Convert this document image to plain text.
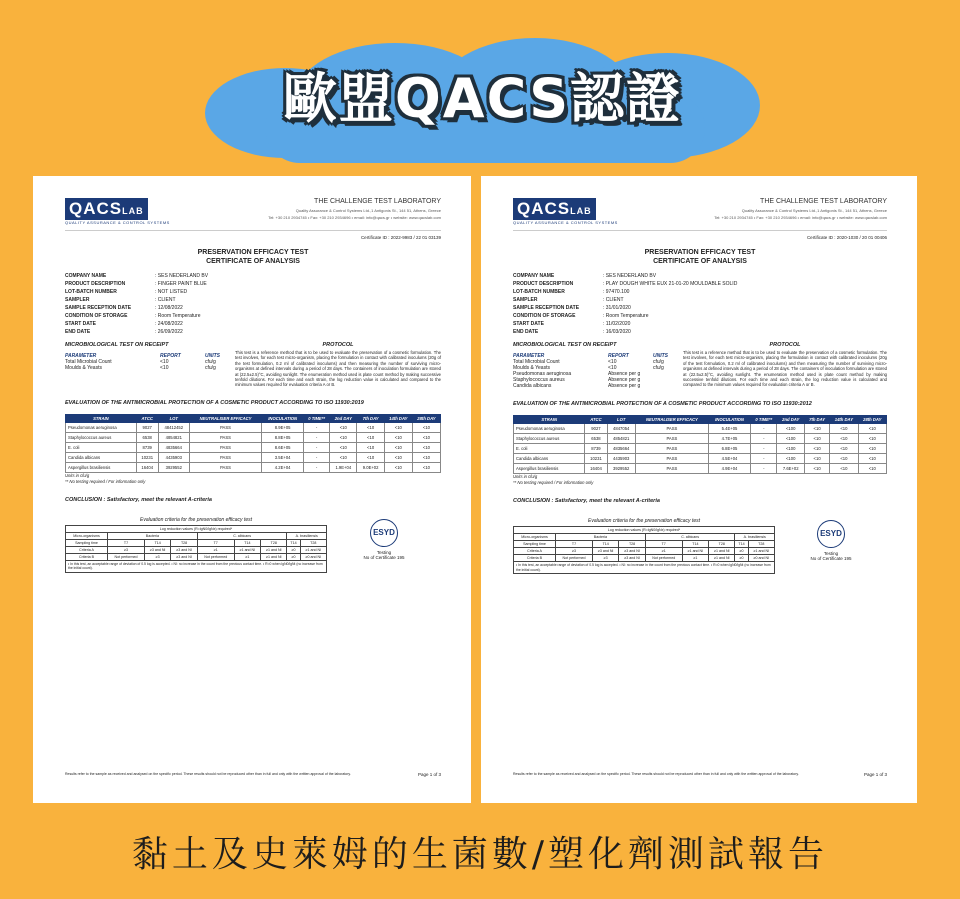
歐盟QACS認證
QACSLAB
QUALITY ASSURANCE & CONTROL SYSTEMS
THE CHALLENGE TEST LABORATORY
Quality Assurance & Control Systems Ltd.,1 Antigonis St., 144 51, Athens, Greece
Tel: +30 210 2934745 • Fax: +30 210 2934696 • email: info@qacs.gr • website: www.qacslab.com
Certificate ID : 2022-9983 / 22 01 03139
PRESERVATION EFFICACY TEST
CERTIFICATE OF ANALYSIS
COMPANY NAME	: SES NEDERLAND BV
PRODUCT DESCRIPTION	: FINGER PAINT BLUE
LOT-BATCH NUMBER	: NOT LISTED
SAMPLER	: CLIENT
SAMPLE RECEPTION DATE	: 12/08/2022
CONDITION OF STORAGE	: Room Temperature
START DATE	: 24/08/2022
END DATE	: 26/09/2022
MICROBIOLOGICAL TEST ON RECEIPT
PARAMETER	REPORT	UNITS
Total Microbial Count	<10	cfu/g
Moulds & Yeasts	<10	cfu/g
PROTOCOL

This test is a reference method that is to be used to evaluate the preservation of a cosmetic formulation. The test involves, for each test micro-organism, placing the formulation in contact with calibrated inoculums (20g of the test formulation, 0.2 ml of calibrated inoculums) and then measuring the number of surviving micro-organisms at defined intervals during a period of 28 days. The containers of inoculation formulation are stored at (22.5±2.5)°C, avoiding sunlight. The enumeration method used is plate count method by making successive tenfold dilutions. For each time and each strain, the log reduction value is calculated and compared to the minimum values required for evaluation criteria A or B.

EVALUATION OF THE ANTIMICROBIAL PROTECTION OF A COSMETIC PRODUCT ACCORDING TO ISO 11930:2019
STRAIN	ATCC	LOT	NEUTRALISER EFFICACY	INOCULATION	0 TIME**	2nd DAY	7th DAY	14th DAY	28th DAY
Pseudomonas aeruginosa	9027	48412452	PASS	8.9E+05	-	<10	<10	<10	<10
Staphylococcus aureus	6538	4854821	PASS	8.8E+05	-	<10	<10	<10	<10
E. coli	8739	4835664	PASS	8.6E+05	-	<10	<10	<10	<10
Candida albicans	10231	4435903	PASS	3.5E+04	-	<10	<10	<10	<10
Aspergillus brasiliensis	16404	3929552	PASS	4.2E+04	-	1.9E+04	9.0E+02	<10	<10
Units in cfu/g
** No testing required / For information only
CONCLUSION : Satisfactory, meet the relevant A-criteria
Evaluation criteria for the preservation efficacy test
Log reduction values (R=lgN0/lgNx) required*								
Micro-organisms	Bacteria			C. albicans			A. brasiliensis	
Sampling time	T7	T14	T28	T7	T14	T28	T14	T28
Criteria A	≥3	≥3 and NI	≥3 and NI	≥1	≥1 and NI	≥1 and NI	≥0	≥1 and NI
Criteria B	Not performed	≥3	≥3 and NI	Not performed	≥1	≥1 and NI	≥0	≥0 and NI
• In this test, an acceptable range of deviation of 0.5 log is accepted. • NI: no increase in the count from the previous contact time. • R=0 when lgN0/lgNt (no increase from the initial count).
ESYD
Testing
No of Certificate 195
Results refer to the sample as received and analysed on the specific period. These results should not be reproduced other than in full and only with the written approval of the laboratory.	Page 1 of 3
QACSLAB
QUALITY ASSURANCE & CONTROL SYSTEMS
THE CHALLENGE TEST LABORATORY
Quality Assurance & Control Systems Ltd.,1 Antigonis St., 144 51, Athens, Greece
Tel: +30 210 2934745 • Fax: +30 210 2934696 • email: info@qacs.gr • website: www.qacslab.com
Certificate ID : 2020-1030 / 20 01 00406
PRESERVATION EFFICACY TEST
CERTIFICATE OF ANALYSIS
COMPANY NAME	: SES NEDERLAND BV
PRODUCT DESCRIPTION	: PLAY DOUGH WHITE EUX 21-01-20 MOULDABLE SOLID
LOT-BATCH NUMBER	: 97470.100
SAMPLER	: CLIENT
SAMPLE RECEPTION DATE	: 31/01/2020
CONDITION OF STORAGE	: Room Temperature
START DATE	: 11/02/2020
END DATE	: 16/03/2020
MICROBIOLOGICAL TEST ON RECEIPT
PARAMETER	REPORT	UNITS
Total Microbial Count	<10	cfu/g
Moulds & Yeasts	<10	cfu/g
Pseudomonas aeruginosa	Absence per g
Staphylococcus aureus	Absence per g
Candida albicans	Absence per g
PROTOCOL

This test is a reference method that is to be used to evaluate the preservation of a cosmetic formulation. The test involves, for each test micro-organism, placing the formulation in contact with calibrated inoculums (20g of the test formulation, 0.2 ml of calibrated inoculums) and then measuring the number of surviving micro-organisms at defined intervals during a period of 28 days. The containers of inoculation formulation are stored at (22.5±2.5)°C, avoiding sunlight. The enumeration method used is plate count method by making successive tenfold dilutions. For each time and each strain, the log reduction value is calculated and compared to the minimum values required for evaluation criteria A or B.

EVALUATION OF THE ANTIMICROBIAL PROTECTION OF A COSMETIC PRODUCT ACCORDING TO ISO 11930:2012
STRAIN	ATCC	LOT	NEUTRALISER EFFICACY	INOCULATION	0 TIME**	2nd DAY	7th DAY	14th DAY	28th DAY
Pseudomonas aeruginosa	9027	4847054	PASS	5.4E+05	-	<100	<10	<10	<10
Staphylococcus aureus	6538	4854821	PASS	4.7E+05	-	<100	<10	<10	<10
E. coli	8739	4835664	PASS	6.8E+05	-	<100	<10	<10	<10
Candida albicans	10231	4435903	PASS	4.5E+04	-	<100	<10	<10	<10
Aspergillus brasiliensis	16404	3929552	PASS	4.9E+04	-	7.6E+02	<10	<10	<10
Units in cfu/g
** No testing required / For information only
CONCLUSION : Satisfactory, meet the relevant A-criteria
Evaluation criteria for the preservation efficacy test
Log reduction values (R=lgN0/lgNx) required*								
Micro-organisms	Bacteria			C. albicans			A. brasiliensis	
Sampling time	T7	T14	T28	T7	T14	T28	T14	T28
Criteria A	≥3	≥3 and NI	≥3 and NI	≥1	≥1 and NI	≥1 and NI	≥0	≥1 and NI
Criteria B	Not performed	≥3	≥3 and NI	Not performed	≥1	≥1 and NI	≥0	≥0 and NI
• In this test, an acceptable range of deviation of 0.5 log is accepted. • NI: no increase in the count from the previous contact time. • R=0 when lgN0/lgNt (no increase from the initial count).
ESYD
Testing
No of Certificate 195
Results refer to the sample as received and analysed on the specific period. These results should not be reproduced other than in full and only with the written approval of the laboratory.	Page 1 of 3
黏土及史萊姆的生菌數/塑化劑測試報告
